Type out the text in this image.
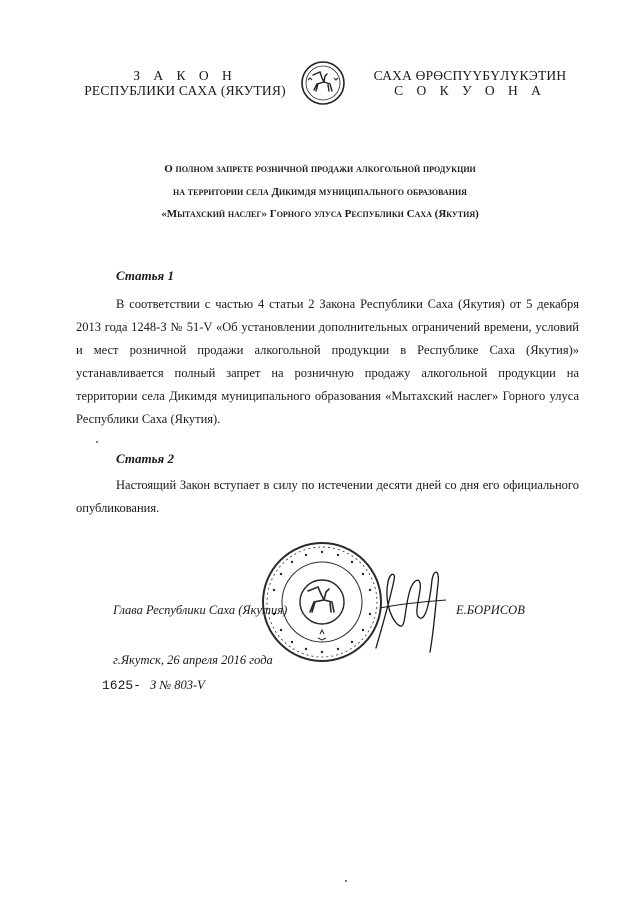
З А К О Н
РЕСПУБЛИКИ САХА (ЯКУТИЯ)
САХА ӨРӨСПҮҮБҮЛҮКЭТИН
С О К У О Н А
О полном запрете розничной продажи алкогольной продукции
на территории села Дикимдя муниципального образования
«Мытахский наслег» Горного улуса Республики Саха (Якутия)
Статья 1
В соответствии с частью 4 статьи 2 Закона Республики Саха (Якутия) от 5 декабря 2013 года 1248-З № 51-V «Об установлении дополнительных ограничений времени, условий и мест розничной продажи алкогольной продукции в Республике Саха (Якутия)» устанавливается полный запрет на розничную продажу алкогольной продукции на территории села Дикимдя муниципального образования «Мытахский наслег» Горного улуса Республики Саха (Якутия).
Статья 2
Настоящий Закон вступает в силу по истечении десяти дней со дня его официального опубликования.
Глава Республики Саха (Якутия)	Е.БОРИСОВ
г.Якутск, 26 апреля 2016 года
1625- З № 803-V
